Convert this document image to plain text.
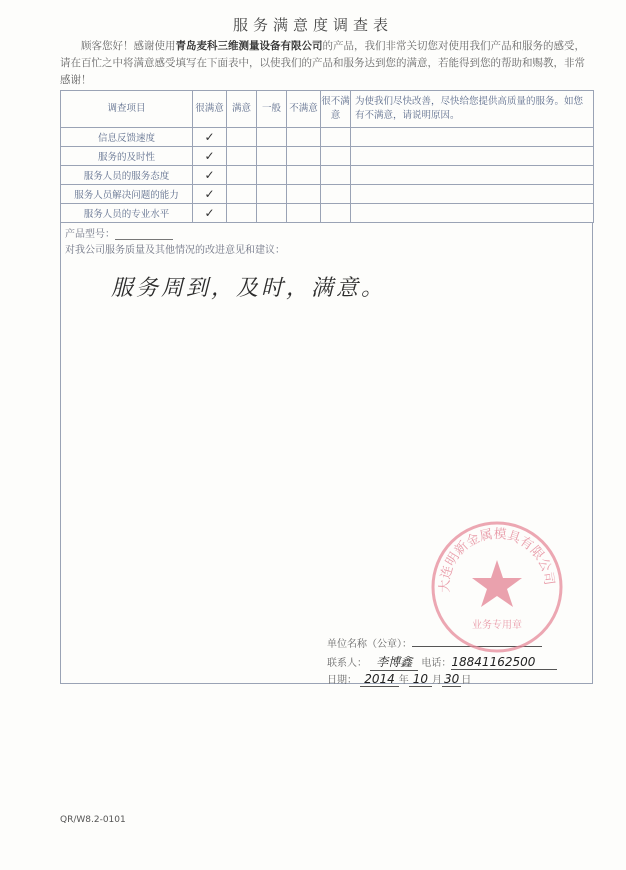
服务满意度调查表
顾客您好！感谢使用青岛麦科三维测量设备有限公司的产品，我们非常关切您对使用我们产品和服务的感受，请在百忙之中将满意感受填写在下面表中，以使我们的产品和服务达到您的满意，若能得到您的帮助和赐教，非常感谢！
调查项目	很满意	满意	一般	不满意	很不满意	为使我们尽快改善，尽快给您提供高质量的服务。如您有不满意，请说明原因。
信息反馈速度	✓					
服务的及时性	✓					
服务人员的服务态度	✓					
服务人员解决问题的能力	✓					
服务人员的专业水平	✓					
产品型号：
对我公司服务质量及其他情况的改进意见和建议：
服务周到，及时，满意。
单位名称（公章）：
联系人： 李博鑫 电话：18841162500
日期： 2014 年 10 月 30 日
大连明新金属模具有限公司
业务专用章
QR/W8.2-0101
